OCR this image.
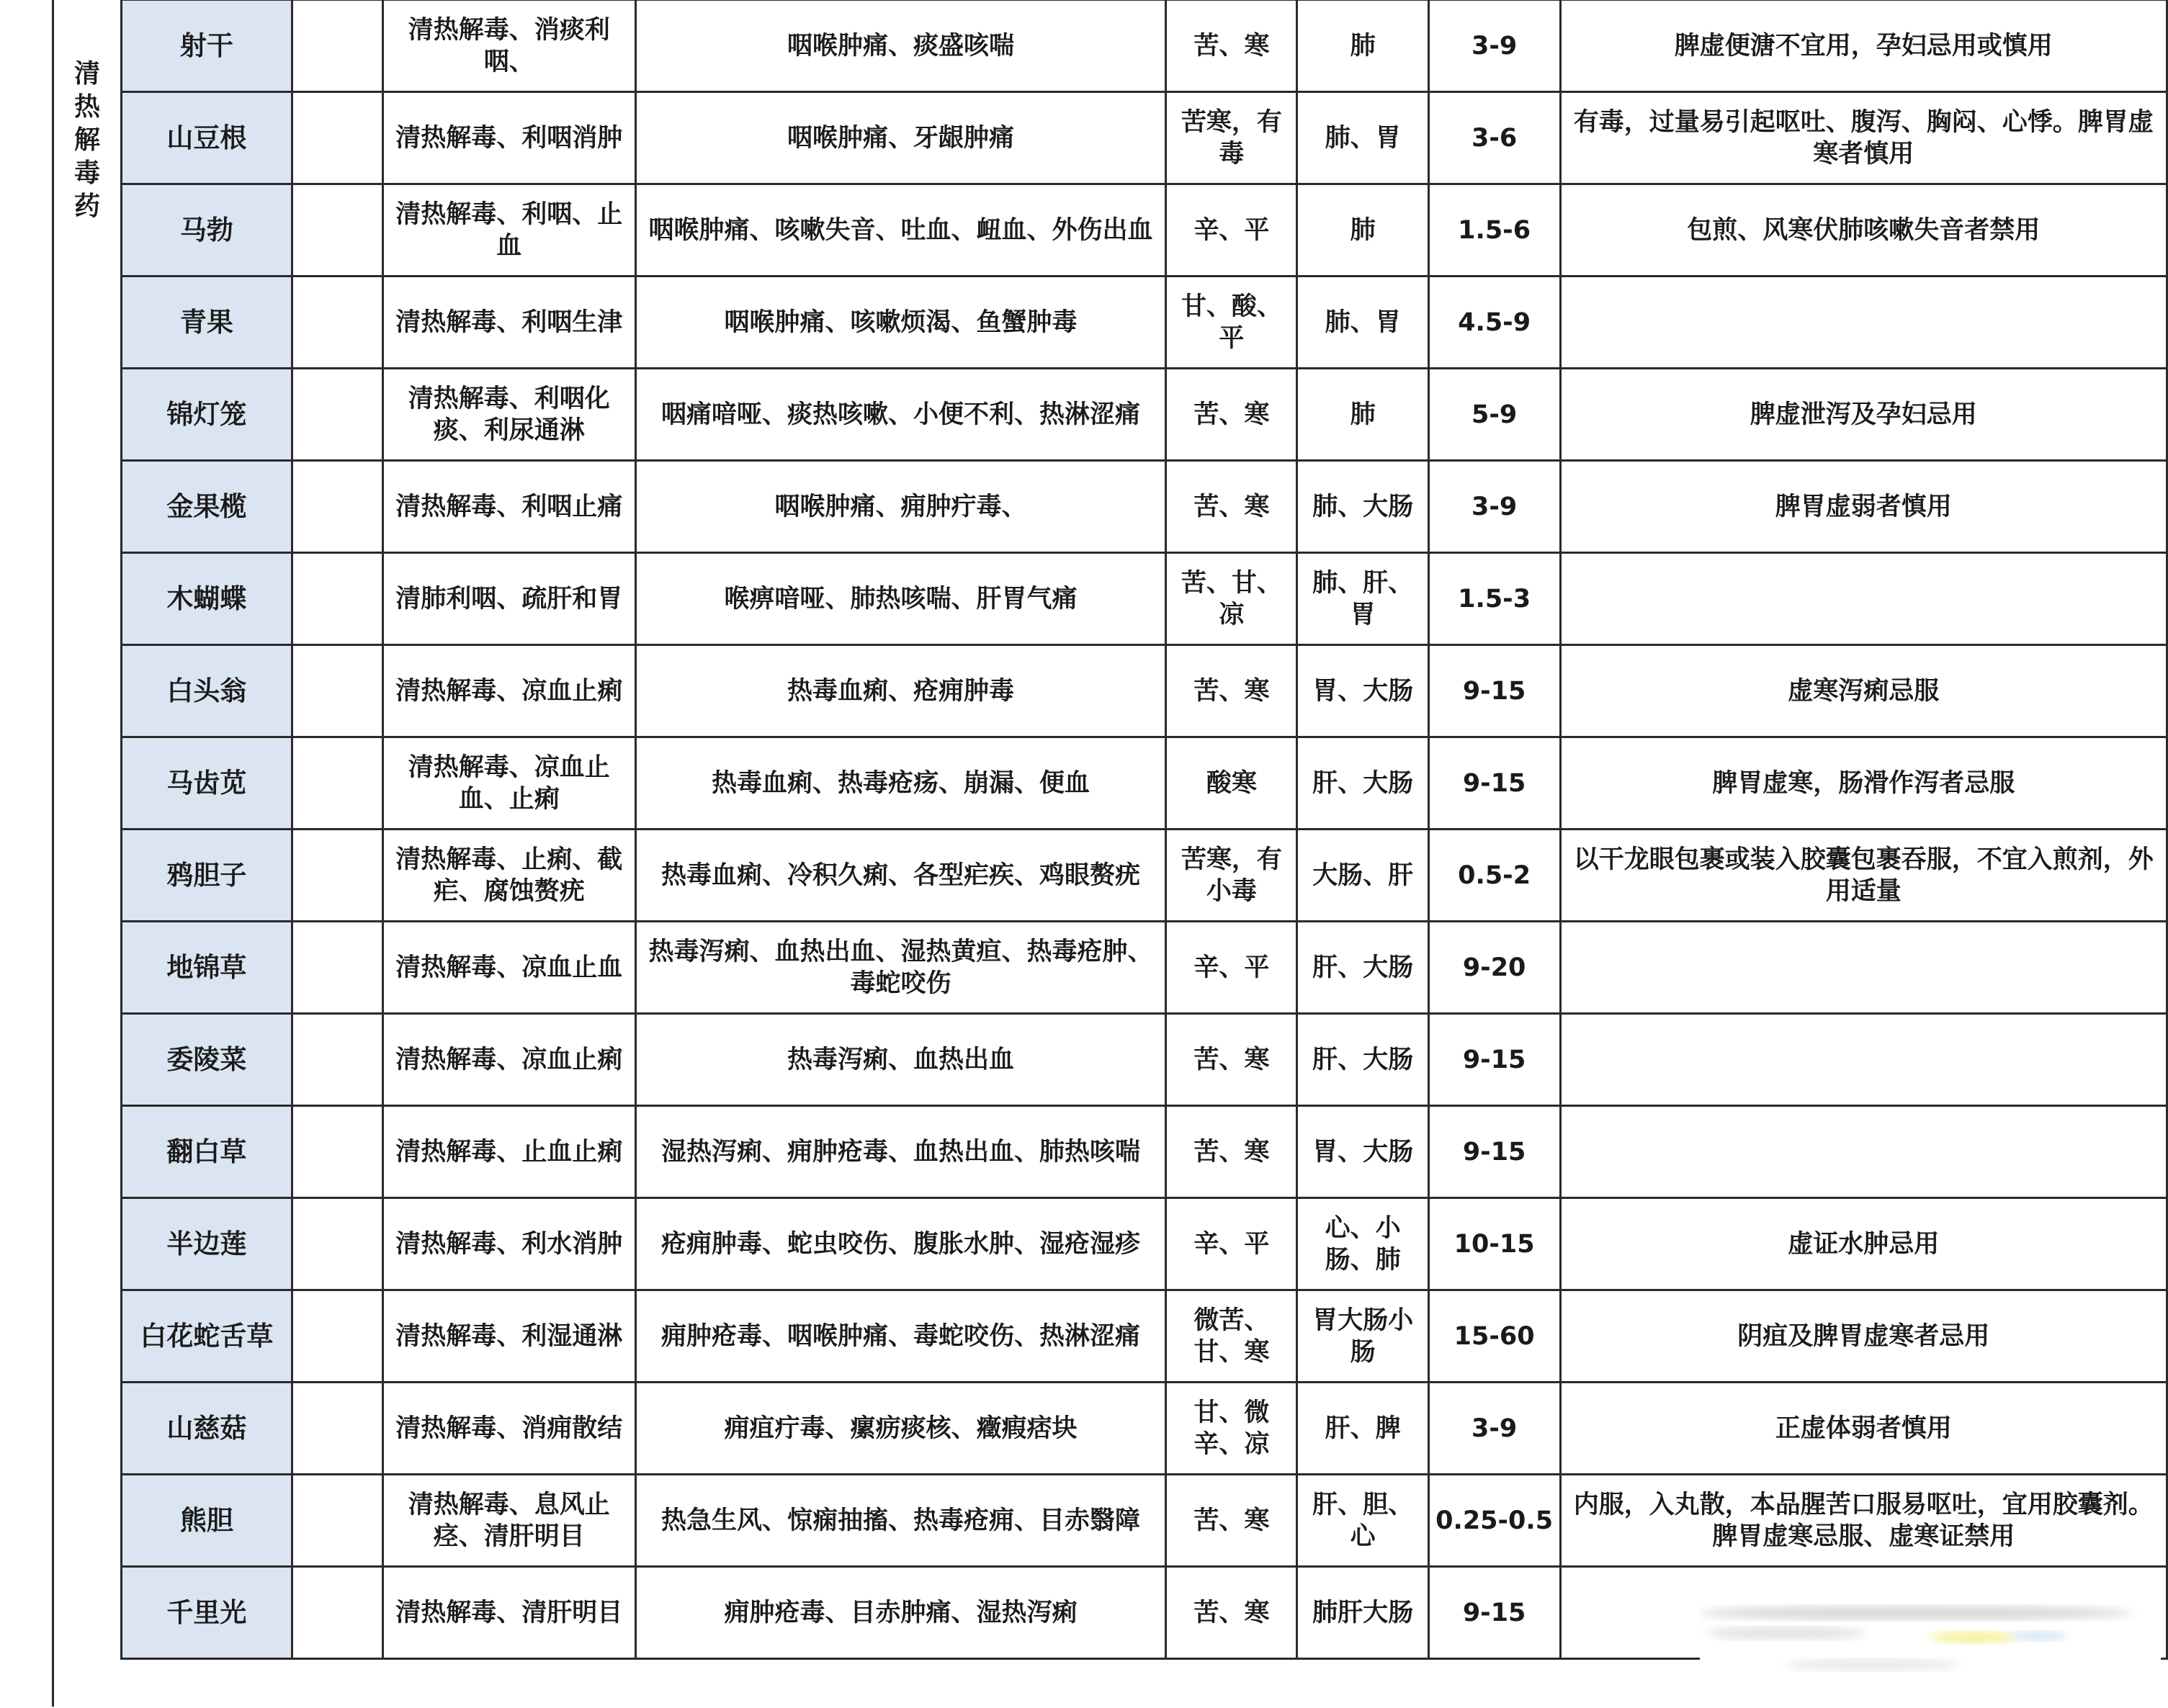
清
热
解
毒
药
射干		清热解毒、消痰利咽、	咽喉肿痛、痰盛咳喘	苦、寒	肺	3-9	脾虚便溏不宜用，孕妇忌用或慎用
山豆根		清热解毒、利咽消肿	咽喉肿痛、牙龈肿痛	苦寒，有毒	肺、胃	3-6	有毒，过量易引起呕吐、腹泻、胸闷、心悸。脾胃虚寒者慎用
马勃		清热解毒、利咽、止血	咽喉肿痛、咳嗽失音、吐血、衄血、外伤出血	辛、平	肺	1.5-6	包煎、风寒伏肺咳嗽失音者禁用
青果		清热解毒、利咽生津	咽喉肿痛、咳嗽烦渴、鱼蟹肿毒	甘、酸、平	肺、胃	4.5-9	
锦灯笼		清热解毒、利咽化痰、利尿通淋	咽痛喑哑、痰热咳嗽、小便不利、热淋涩痛	苦、寒	肺	5-9	脾虚泄泻及孕妇忌用
金果榄		清热解毒、利咽止痛	咽喉肿痛、痈肿疔毒、	苦、寒	肺、大肠	3-9	脾胃虚弱者慎用
木蝴蝶		清肺利咽、疏肝和胃	喉痹喑哑、肺热咳喘、肝胃气痛	苦、甘、凉	肺、肝、胃	1.5-3	
白头翁		清热解毒、凉血止痢	热毒血痢、疮痈肿毒	苦、寒	胃、大肠	9-15	虚寒泻痢忌服
马齿苋		清热解毒、凉血止血、止痢	热毒血痢、热毒疮疡、崩漏、便血	酸寒	肝、大肠	9-15	脾胃虚寒，肠滑作泻者忌服
鸦胆子		清热解毒、止痢、截疟、腐蚀赘疣	热毒血痢、冷积久痢、各型疟疾、鸡眼赘疣	苦寒，有小毒	大肠、肝	0.5-2	以干龙眼包裹或装入胶囊包裹吞服，不宜入煎剂，外用适量
地锦草		清热解毒、凉血止血	热毒泻痢、血热出血、湿热黄疸、热毒疮肿、毒蛇咬伤	辛、平	肝、大肠	9-20	
委陵菜		清热解毒、凉血止痢	热毒泻痢、血热出血	苦、寒	肝、大肠	9-15	
翻白草		清热解毒、止血止痢	湿热泻痢、痈肿疮毒、血热出血、肺热咳喘	苦、寒	胃、大肠	9-15	
半边莲		清热解毒、利水消肿	疮痈肿毒、蛇虫咬伤、腹胀水肿、湿疮湿疹	辛、平	心、小肠、肺	10-15	虚证水肿忌用
白花蛇舌草		清热解毒、利湿通淋	痈肿疮毒、咽喉肿痛、毒蛇咬伤、热淋涩痛	微苦、甘、寒	胃大肠小肠	15-60	阴疽及脾胃虚寒者忌用
山慈菇		清热解毒、消痈散结	痈疽疔毒、瘰疬痰核、癥瘕痞块	甘、微辛、凉	肝、脾	3-9	正虚体弱者慎用
熊胆		清热解毒、息风止痉、清肝明目	热急生风、惊痫抽搐、热毒疮痈、目赤翳障	苦、寒	肝、胆、心	0.25-0.5	内服，入丸散，本品腥苦口服易呕吐，宜用胶囊剂。脾胃虚寒忌服、虚寒证禁用
千里光		清热解毒、清肝明目	痈肿疮毒、目赤肿痛、湿热泻痢	苦、寒	肺肝大肠	9-15	
